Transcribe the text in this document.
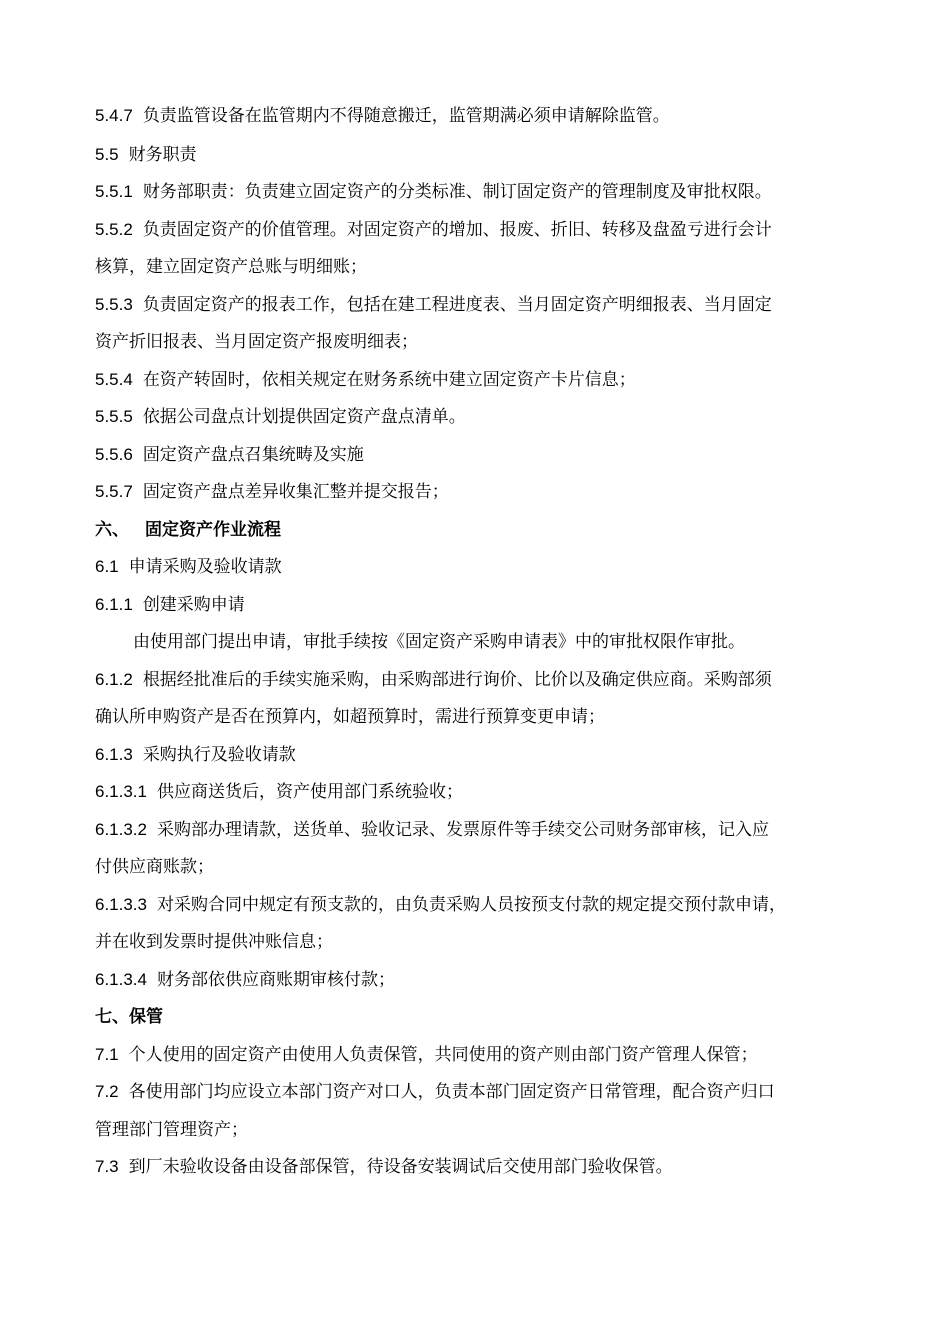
5.4.7 负责监管设备在监管期内不得随意搬迁，监管期满必须申请解除监管。
5.5 财务职责
5.5.1 财务部职责：负责建立固定资产的分类标准、制订固定资产的管理制度及审批权限。
5.5.2 负责固定资产的价值管理。对固定资产的增加、报废、折旧、转移及盘盈亏进行会计
核算，建立固定资产总账与明细账；
5.5.3 负责固定资产的报表工作，包括在建工程进度表、当月固定资产明细报表、当月固定
资产折旧报表、当月固定资产报废明细表；
5.5.4 在资产转固时，依相关规定在财务系统中建立固定资产卡片信息；
5.5.5 依据公司盘点计划提供固定资产盘点清单。
5.5.6 固定资产盘点召集统畴及实施
5.5.7 固定资产盘点差异收集汇整并提交报告；
六、 固定资产作业流程
6.1 申请采购及验收请款
6.1.1 创建采购申请
由使用部门提出申请，审批手续按《固定资产采购申请表》中的审批权限作审批。
6.1.2 根据经批准后的手续实施采购，由采购部进行询价、比价以及确定供应商。采购部须
确认所申购资产是否在预算内，如超预算时，需进行预算变更申请；
6.1.3 采购执行及验收请款
6.1.3.1 供应商送货后，资产使用部门系统验收；
6.1.3.2 采购部办理请款，送货单、验收记录、发票原件等手续交公司财务部审核，记入应
付供应商账款；
6.1.3.3 对采购合同中规定有预支款的，由负责采购人员按预支付款的规定提交预付款申请，
并在收到发票时提供冲账信息；
6.1.3.4 财务部依供应商账期审核付款；
七、保管
7.1 个人使用的固定资产由使用人负责保管，共同使用的资产则由部门资产管理人保管；
7.2 各使用部门均应设立本部门资产对口人，负责本部门固定资产日常管理，配合资产归口
管理部门管理资产；
7.3 到厂未验收设备由设备部保管，待设备安装调试后交使用部门验收保管。
